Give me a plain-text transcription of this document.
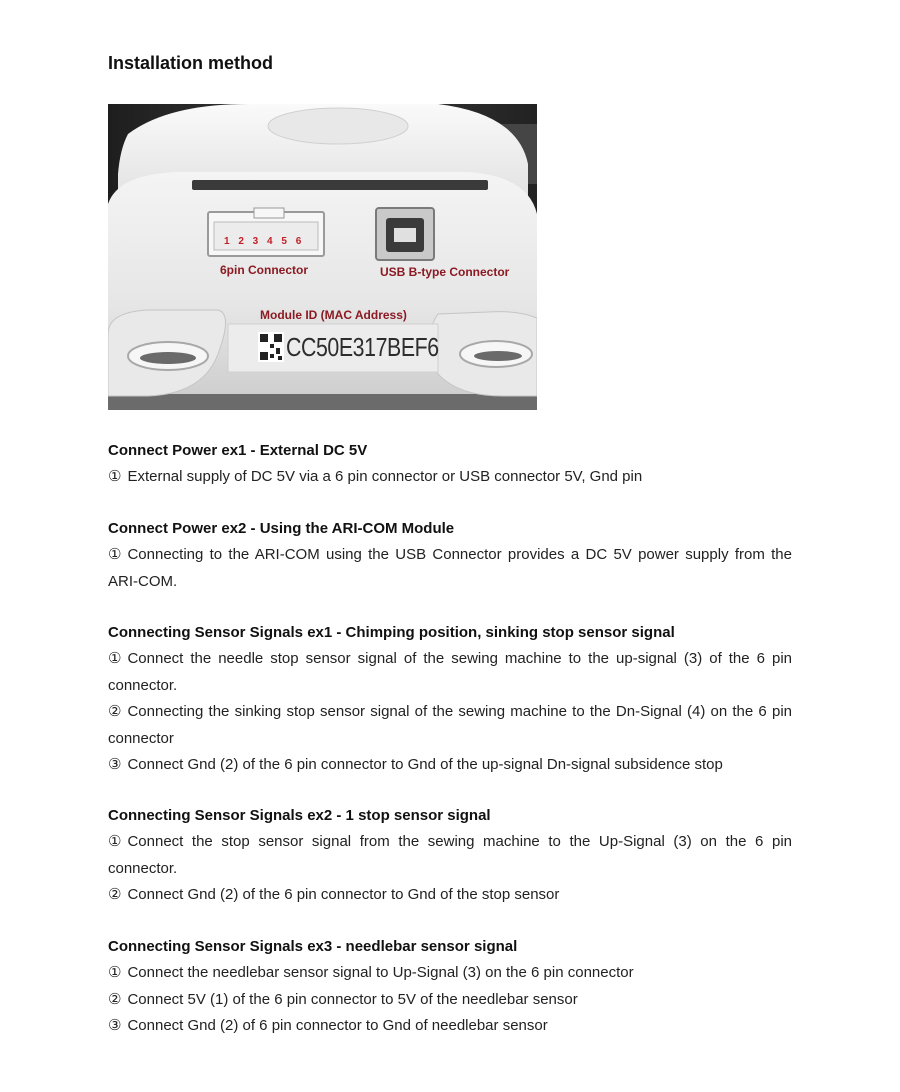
Installation method
1 2 3 4 5 6
6pin Connector	USB B-type Connector
Module ID (MAC Address)
CC50E317BEF6

Connect Power ex1 - External DC 5V

① External supply of DC 5V via a 6 pin connector or USB connector 5V, Gnd pin

Connect Power ex2 - Using the ARI-COM Module

① Connecting to the ARI-COM using the USB Connector provides a DC 5V power supply from the ARI-COM.

Connecting Sensor Signals ex1 - Chimping position, sinking stop sensor signal

① Connect the needle stop sensor signal of the sewing machine to the up-signal (3) of the 6 pin connector.

② Connecting the sinking stop sensor signal of the sewing machine to the Dn-Signal (4) on the 6 pin connector

③ Connect Gnd (2) of the 6 pin connector to Gnd of the up-signal Dn-signal subsidence stop

Connecting Sensor Signals ex2 - 1 stop sensor signal

① Connect the stop sensor signal from the sewing machine to the Up-Signal (3) on the 6 pin connector.

② Connect Gnd (2) of the 6 pin connector to Gnd of the stop sensor

Connecting Sensor Signals ex3 - needlebar sensor signal

① Connect the needlebar sensor signal to Up-Signal (3) on the 6 pin connector

② Connect 5V (1) of the 6 pin connector to 5V of the needlebar sensor

③ Connect Gnd (2) of 6 pin connector to Gnd of needlebar sensor
